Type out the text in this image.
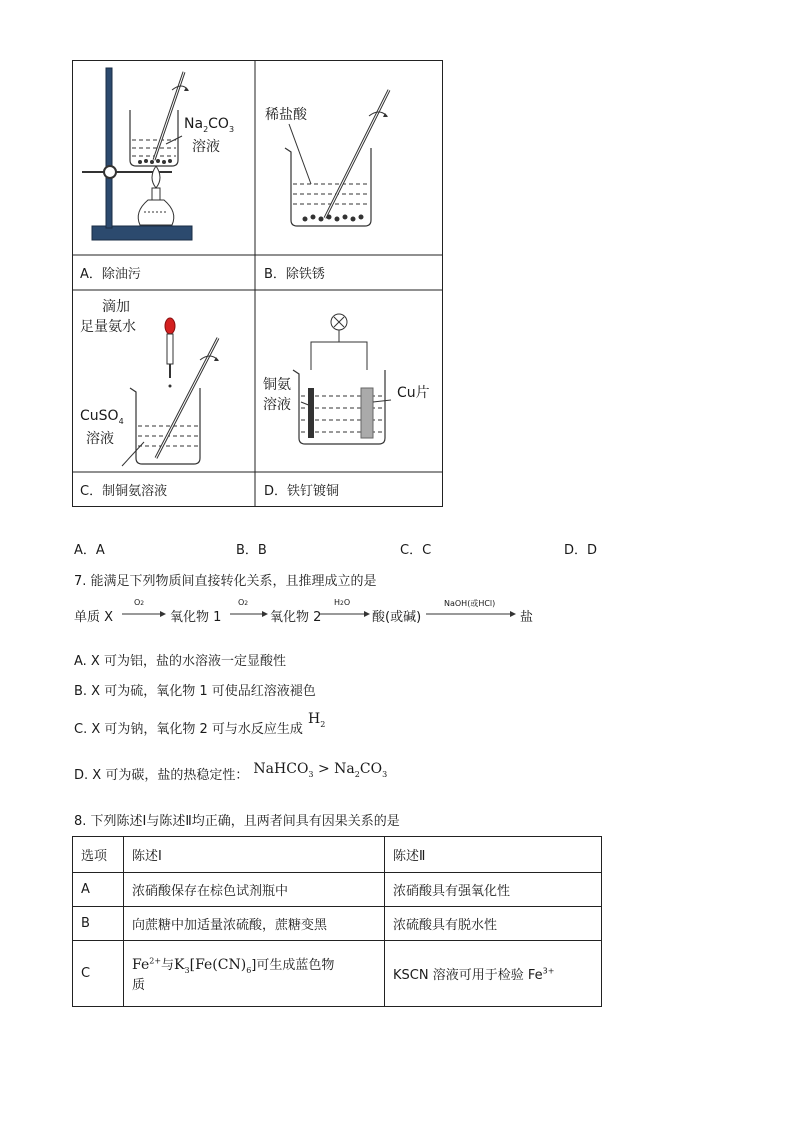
$Na_2CO_3$
溶液
A．除油污
稀盐酸
B．除铁锈
滴加
足量氨水
CuSO$_4$
溶液
C．制铜氨溶液
铜氨
溶液
Cu片
D．铁钉镀铜
A．A	B．B	C．C	D．D
7. 能满足下列物质间直接转化关系，且推理成立的是
单质 X
O2
氧化物 1
O2
氧化物 2
H2O
酸(或碱)
NaOH(或HCl)
盐
A. X 可为铝，盐的水溶液一定显酸性
B. X 可为硫，氧化物 1 可使品红溶液褪色
$_{C. X 可为钠,氧化物 2 可与水反应生成}$ $H_2$
$_{D. X 可为碳,盐的热稳定性:}$ NaHCO$_3$ > $Na_2CO_3$
8. 下列陈述Ⅰ与陈述Ⅱ均正确，且两者间具有因果关系的是
选项	陈述Ⅰ	陈述Ⅱ
A	浓硝酸保存在棕色试剂瓶中	浓硝酸具有强氧化性
B	向蔗糖中加适量浓硫酸，蔗糖变黑	浓硫酸具有脱水性
C	$Fe^{2+}$与$K_3[Fe(CN)_6]$可生成蓝色物
质	KSCN 溶液可用于检验 $Fe^{3+}$
